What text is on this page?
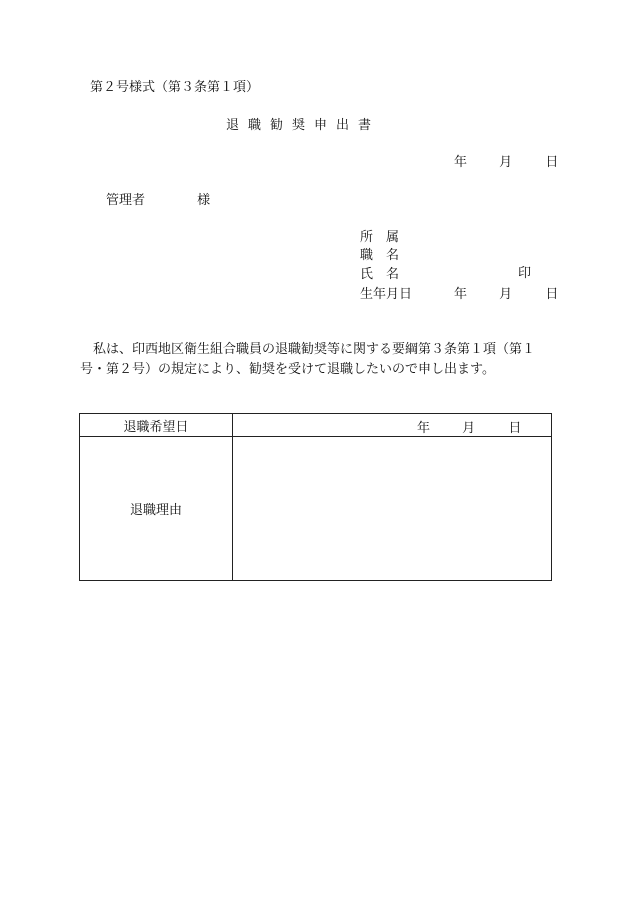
第２号様式（第３条第１項）
退職勧奨申出書
年 月	日
管理者	様
所　属
職　名
氏　名	印
生年月日	年 月	日
私は、印西地区衛生組合職員の退職勧奨等に関する要綱第３条第１項（第１号・第２号）の規定により、勧奨を受けて退職したいので申し出ます。
退職希望日	年 月 日

退職理由	
